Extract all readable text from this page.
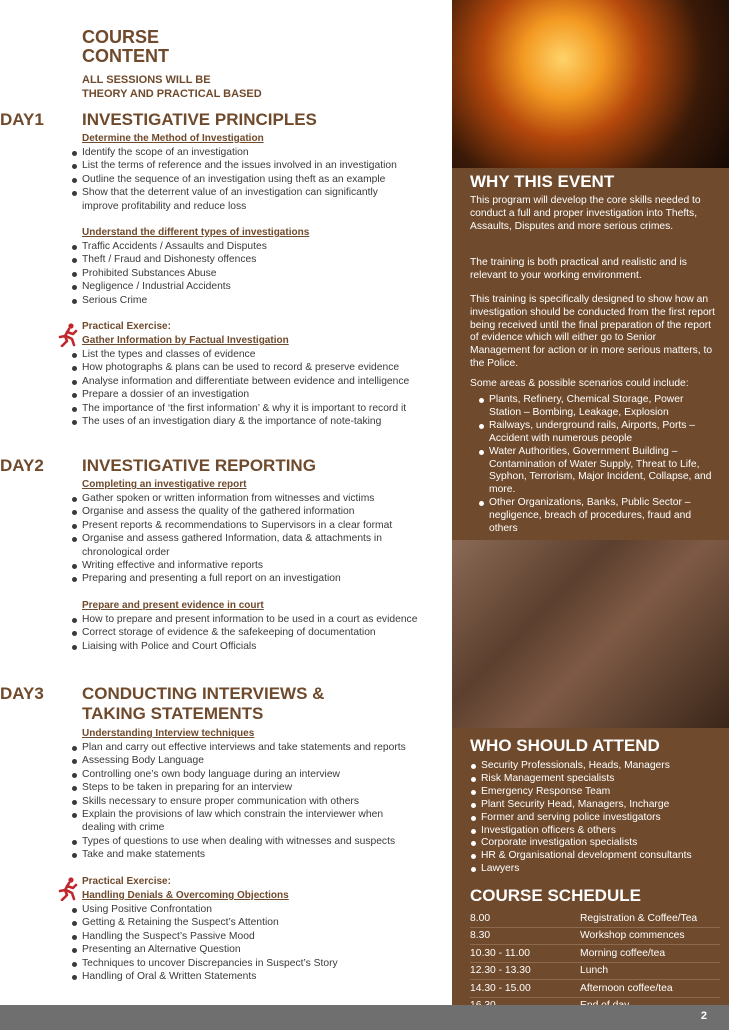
COURSE
CONTENT
ALL SESSIONS WILL BE
THEORY AND PRACTICAL BASED
DAY1 INVESTIGATIVE PRINCIPLES
Determine the Method of Investigation
Identify the scope of an investigation
List the terms of reference and the issues involved in an investigation
Outline the sequence of an investigation using theft as an example
Show that the deterrent value of an investigation can significantly improve profitability and reduce loss
Understand the different types of investigations
Traffic Accidents / Assaults and Disputes
Theft / Fraud and Dishonesty offences
Prohibited Substances Abuse
Negligence / Industrial Accidents
Serious Crime
Practical Exercise:
Gather Information by Factual Investigation
List the types and classes of evidence
How photographs & plans can be used to record & preserve evidence
Analyse information and differentiate between evidence and intelligence
Prepare a dossier of an investigation
The importance of ‘the first information’ & why it is important to record it
The uses of an investigation diary & the importance of note-taking
DAY2 INVESTIGATIVE REPORTING
Completing an investigative report
Gather spoken or written information from witnesses and victims
Organise and assess the quality of the gathered information
Present reports & recommendations to Supervisors in a clear format
Organise and assess gathered Information, data & attachments in chronological order
Writing effective and informative reports
Preparing and presenting a full report on an investigation
Prepare and present evidence in court
How to prepare and present information to be used in a court as evidence
Correct storage of evidence & the safekeeping of documentation
Liaising with Police and Court Officials
DAY3 CONDUCTING INTERVIEWS &
TAKING STATEMENTS
Understanding Interview techniques
Plan and carry out effective interviews and take statements and reports
Assessing Body Language
Controlling one’s own body language during an interview
Steps to be taken in preparing for an interview
Skills necessary to ensure proper communication with others
Explain the provisions of law which constrain the interviewer when dealing with crime
Types of questions to use when dealing with witnesses and suspects
Take and make statements
Practical Exercise:
Handling Denials & Overcoming Objections
Using Positive Confrontation
Getting & Retaining the Suspect’s Attention
Handling the Suspect’s Passive Mood
Presenting an Alternative Question
Techniques to uncover Discrepancies in Suspect’s Story
Handling of Oral & Written Statements
WHY THIS EVENT
This program will develop the core skills needed to conduct a full and proper investigation into Thefts, Assaults, Disputes and more serious crimes.
The training is both practical and realistic and is relevant to your working environment.
This training is specifically designed to show how an investigation should be conducted from the first report being received until the final preparation of the report of evidence which will either go to Senior Management for action or in more serious matters, to the Police.
Some areas & possible scenarios could include:
Plants, Refinery, Chemical Storage, Power Station – Bombing, Leakage, Explosion
Railways, underground rails, Airports, Ports – Accident with numerous people
Water Authorities, Government Building – Contamination of Water Supply, Threat to Life, Syphon, Terrorism, Major Incident, Collapse, and more.
Other Organizations, Banks, Public Sector – negligence, breach of procedures, fraud and others
WHO SHOULD ATTEND
Security Professionals, Heads, Managers
Risk Management specialists
Emergency Response Team
Plant Security Head, Managers, Incharge
Former and serving police investigators
Investigation officers & others
Corporate investigation specialists
HR & Organisational development consultants
Lawyers
COURSE SCHEDULE
8.00	Registration & Coffee/Tea
8.30	Workshop commences
10.30 - 11.00	Morning coffee/tea
12.30 - 13.30	Lunch
14.30 - 15.00	Afternoon coffee/tea

2
